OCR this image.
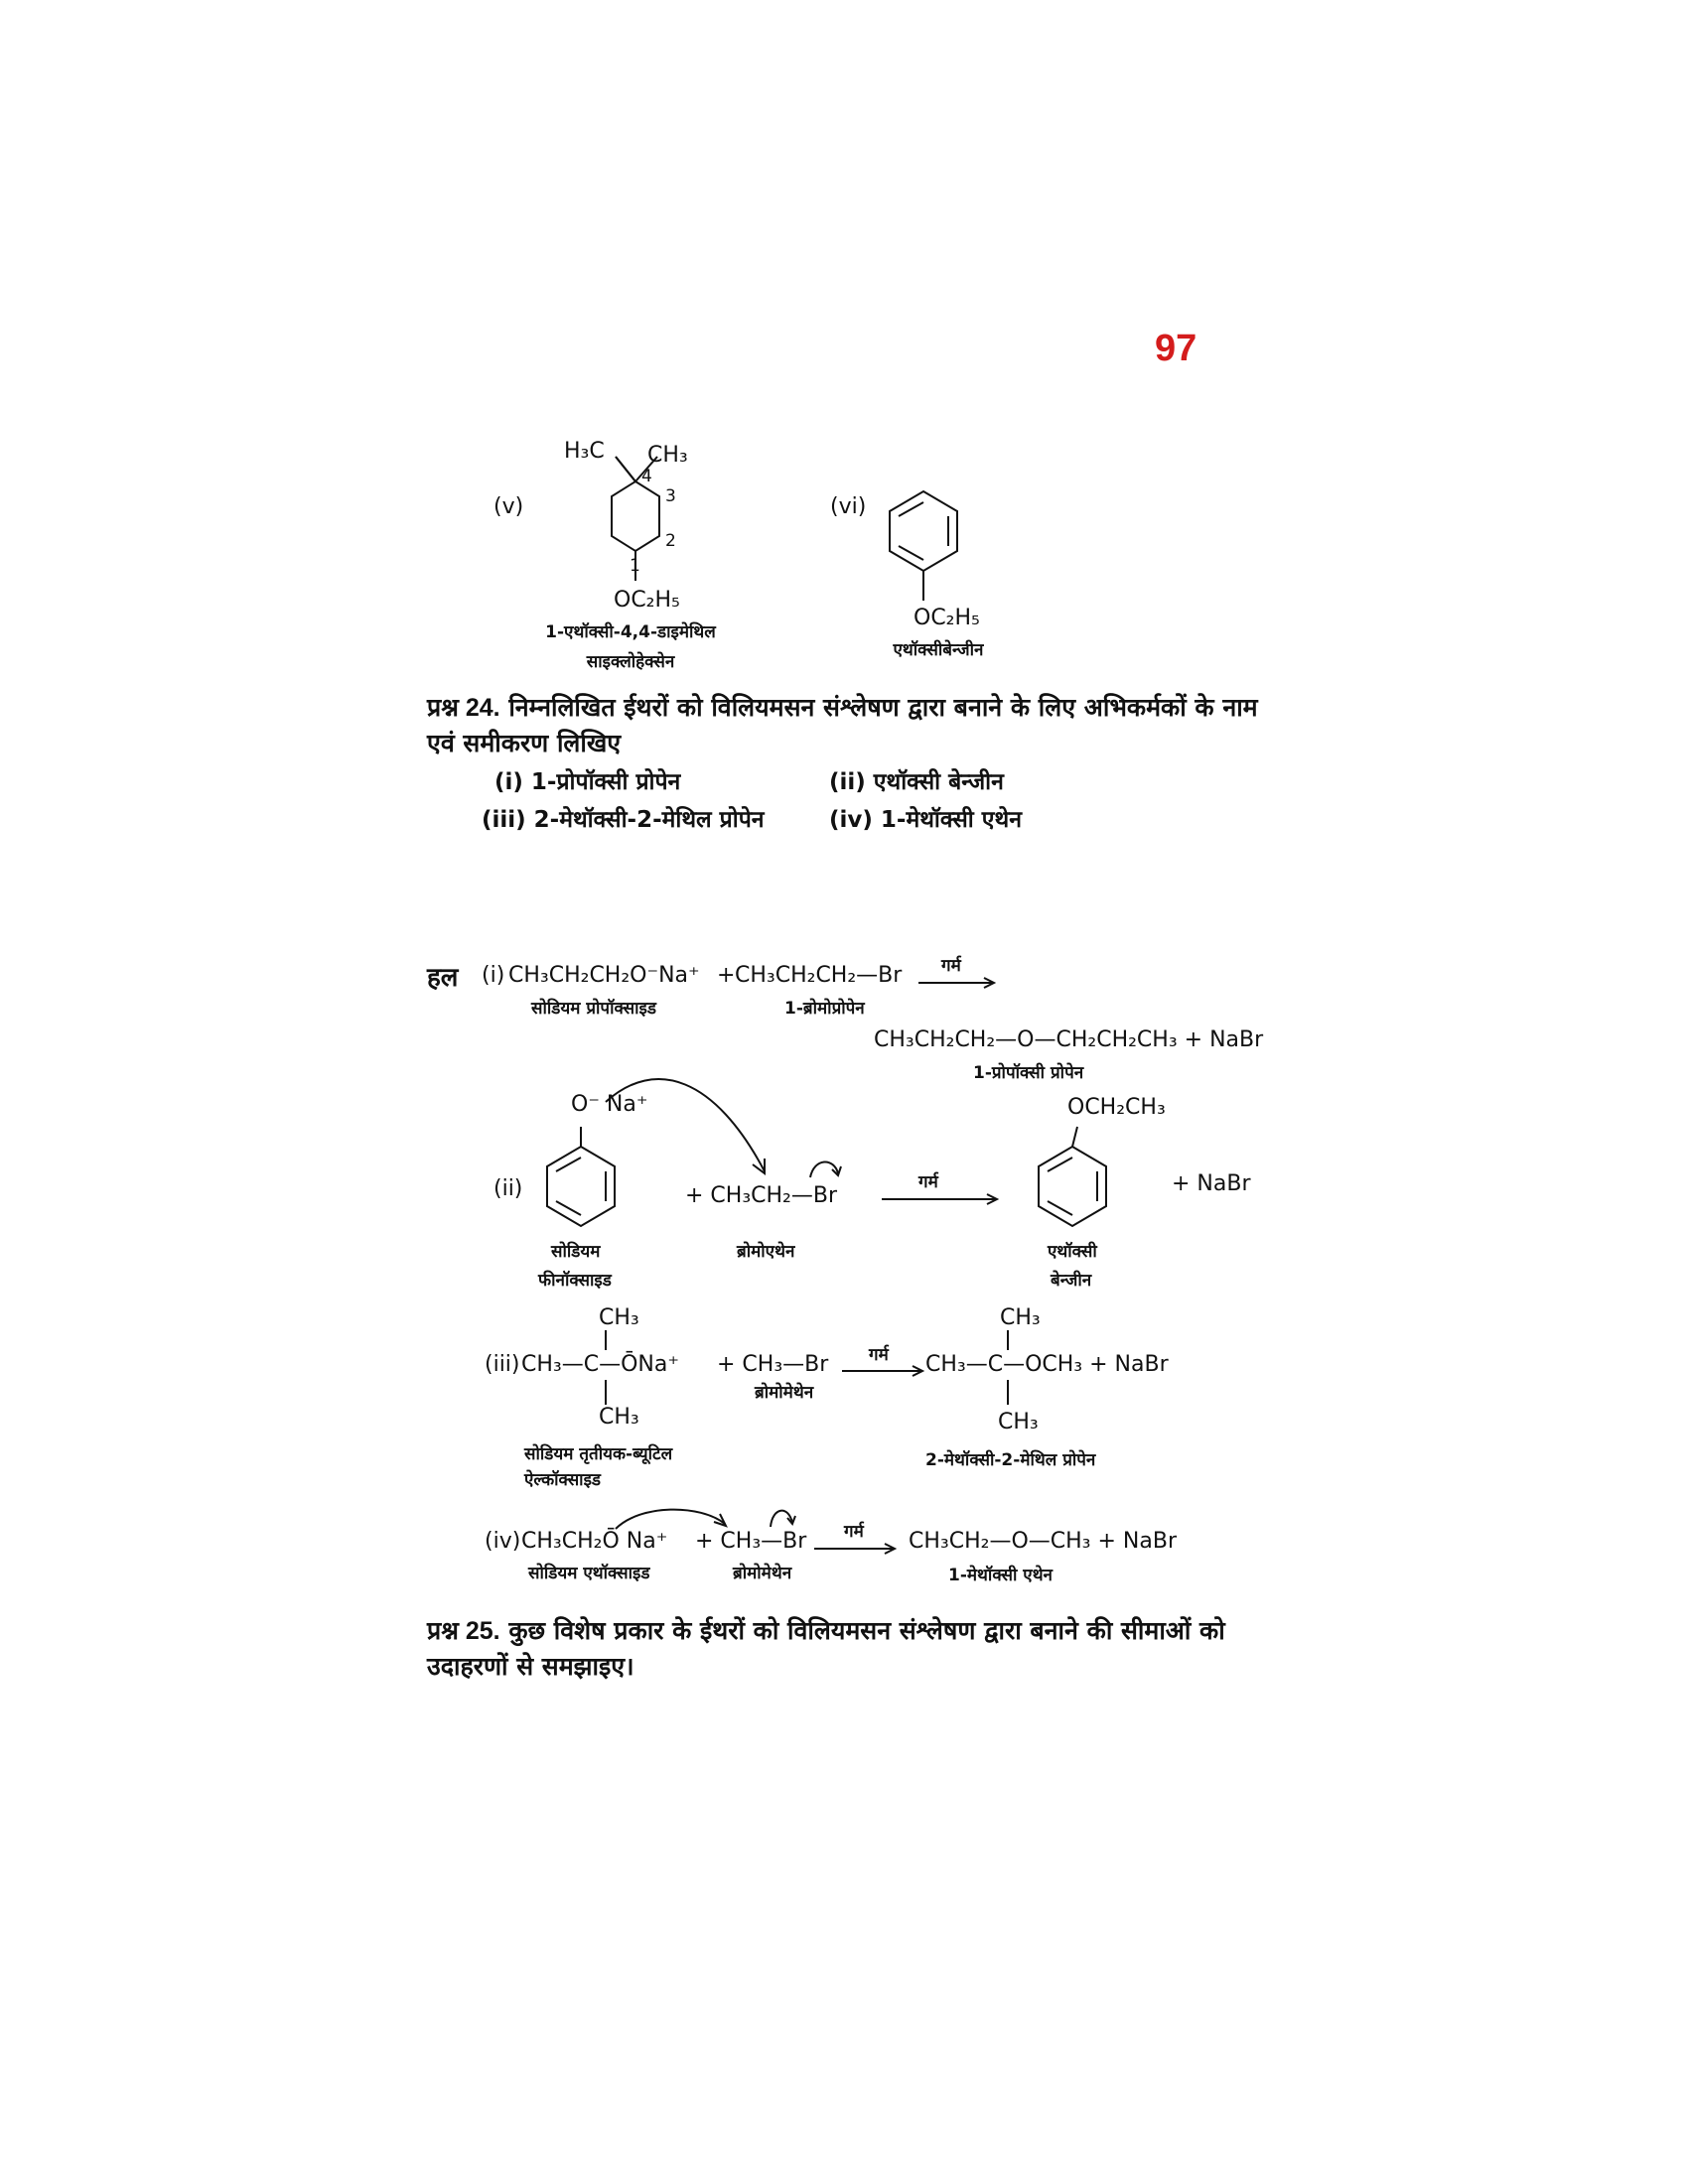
97
(v)
H₃C CH₃
4
3
2
1
OC₂H₅
1-एथॉक्सी-4,4-डाइमेथिल
साइक्लोहेक्सेन
(vi)
OC₂H₅
एथॉक्सीबेन्जीन
प्रश्न 24. निम्नलिखित ईथरों को विलियमसन संश्लेषण द्वारा बनाने के लिए अभिकर्मकों के नाम एवं समीकरण लिखिए
(i) 1-प्रोपॉक्सी प्रोपेन	(ii) एथॉक्सी बेन्जीन
(iii) 2-मेथॉक्सी-2-मेथिल प्रोपेन	(iv) 1-मेथॉक्सी एथेन
हल (i) CH₃CH₂CH₂O⁻Na⁺ + CH₃CH₂CH₂—Br गर्म
सोडियम प्रोपॉक्साइड	1-ब्रोमोप्रोपेन
CH₃CH₂CH₂—O—CH₂CH₂CH₃ + NaBr
1-प्रोपॉक्सी प्रोपेन
(ii)
O⁻ Na⁺
+ CH₃CH₂—Br
सोडियम
फीनॉक्साइड
ब्रोमोएथेन
गर्म
OCH₂CH₃
+ NaBr
एथॉक्सी
बेन्जीन
CH₃
(iii) CH₃—C—ŌNa⁺
CH₃
+ CH₃—Br
ब्रोमोमेथेन
गर्म
CH₃
CH₃—C—OCH₃ + NaBr
CH₃
सोडियम तृतीयक-ब्यूटिल
ऐल्कॉक्साइड
2-मेथॉक्सी-2-मेथिल प्रोपेन
(iv) CH₃CH₂Ō Na⁺ + CH₃—Br गर्म CH₃CH₂—O—CH₃ + NaBr
सोडियम एथॉक्साइड	ब्रोमोमेथेन	1-मेथॉक्सी एथेन
प्रश्न 25. कुछ विशेष प्रकार के ईथरों को विलियमसन संश्लेषण द्वारा बनाने की सीमाओं को उदाहरणों से समझाइए।
